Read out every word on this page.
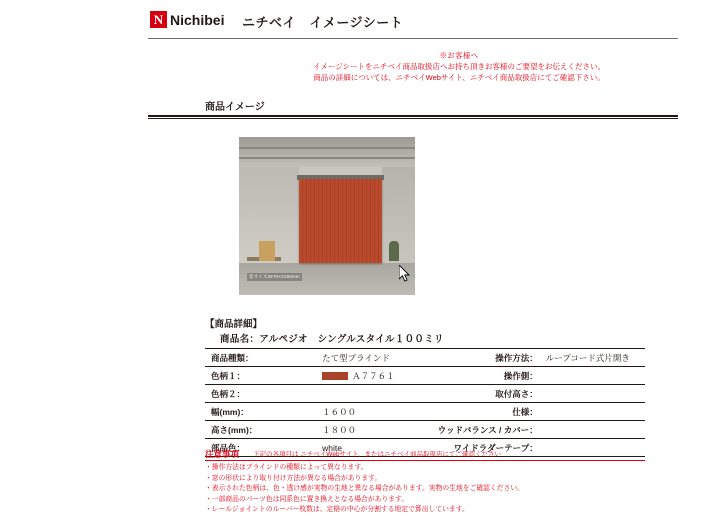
N Nichibei ニチベイ　イメージシート
※お客様へ
イメージシートをニチベイ商品取扱店へお持ち頂きお客様のご要望をお伝えください。
商品の詳細については、ニチベイWebサイト、ニチベイ商品取扱店にてご確認下さい。
商品イメージ
窓サイズ2570×2160mm
【商品詳細】
商品名：アルペジオ　シングルスタイル１００ミリ
商品種類：	たて型ブラインド	操作方法：	ループコード式片開き
色柄１：	Ａ７７６１	操作側：	
色柄２：		取付高さ：	
幅(mm)：	１６００	仕様：	
高さ(mm)：	１８００	ウッドバランス / カバー：	
部品色：	white	ワイドラダーテープ：	
注意事項 下記の各項目は ニチベイWebサイト、またはニチベイ商品取扱店にてご確認ください
・操作方法はブラインドの種類によって異なります。
・窓の形状により取り付け方法が異なる場合があります。
・表示された色柄は、色・透け感が実物の生地と異なる場合があります。実物の生地をご確認ください。
・一部商品のパーツ色は同系色に置き換えとなる場合があります。
・レールジョイントのルーバー枚数は、定格の中心が分割する地定で算出しています。
